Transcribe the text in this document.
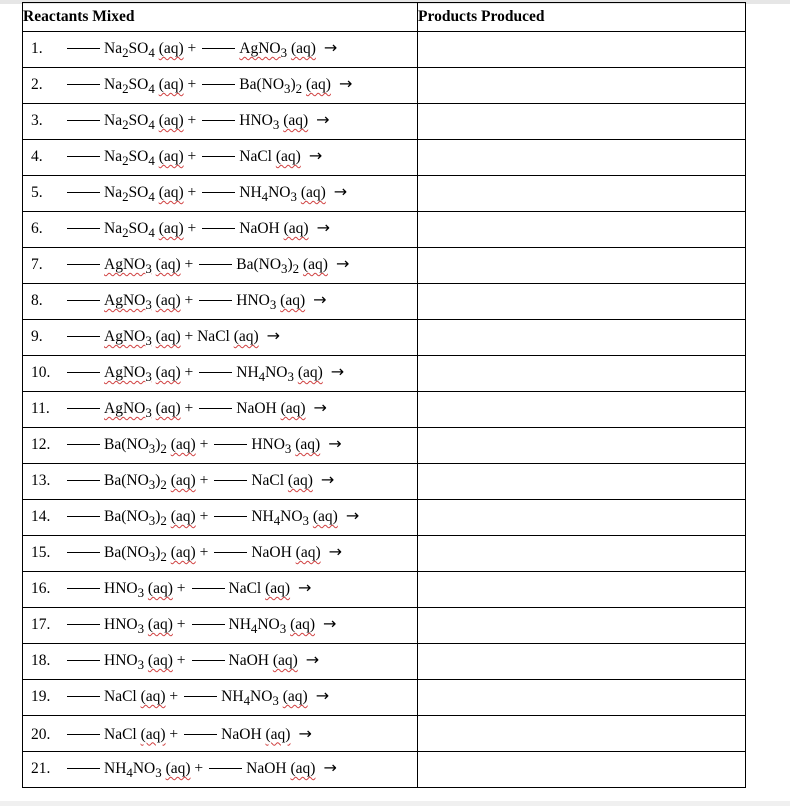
Reactants Mixed	Products Produced
1. $Na_2SO_4$ (aq) + AgNO$_3$ (aq) →	
2. $Na_2SO_4$ $(aq) + Ba(NO_3)_2$ (aq) →	
3. $Na_2SO_4$ $(aq) + HNO_3$ (aq) →	
4. $Na_2SO_4$ (aq) + NaCl (aq) →	
5. $Na_2SO_4$ $(aq) + NH_4NO_3$ (aq) →	
6. $Na_2SO_4$ (aq) + NaOH (aq) →	
7. AgNO$_3$ $(aq) + Ba(NO_3)_2$ (aq) →	
8. AgNO$_3$ $(aq) + HNO_3$ (aq) →	
9. AgNO$_3$ (aq) + NaCl (aq) →	
10. AgNO$_3$ $(aq) + NH_4NO_3$ (aq) →	
11. AgNO$_3$ (aq) + NaOH (aq) →	
12. $Ba(NO_3)_2$ $(aq) + HNO_3$ (aq) →	
13. $Ba(NO_3)_2$ (aq) + NaCl (aq) →	
14. $Ba(NO_3)_2$ $(aq) + NH_4NO_3$ (aq) →	
15. $Ba(NO_3)_2$ (aq) + NaOH (aq) →	
16. $HNO_3$ (aq) + NaCl (aq) →	
17. $HNO_3$ $(aq) + NH_4NO_3$ (aq) →	
18. $HNO_3$ (aq) + NaOH (aq) →	
19. NaCl $(aq) + NH_4NO_3$ (aq) →	
20. NaCl (aq) + NaOH (aq) →	
21. $NH_4NO_3$ (aq) + NaOH (aq) →	
